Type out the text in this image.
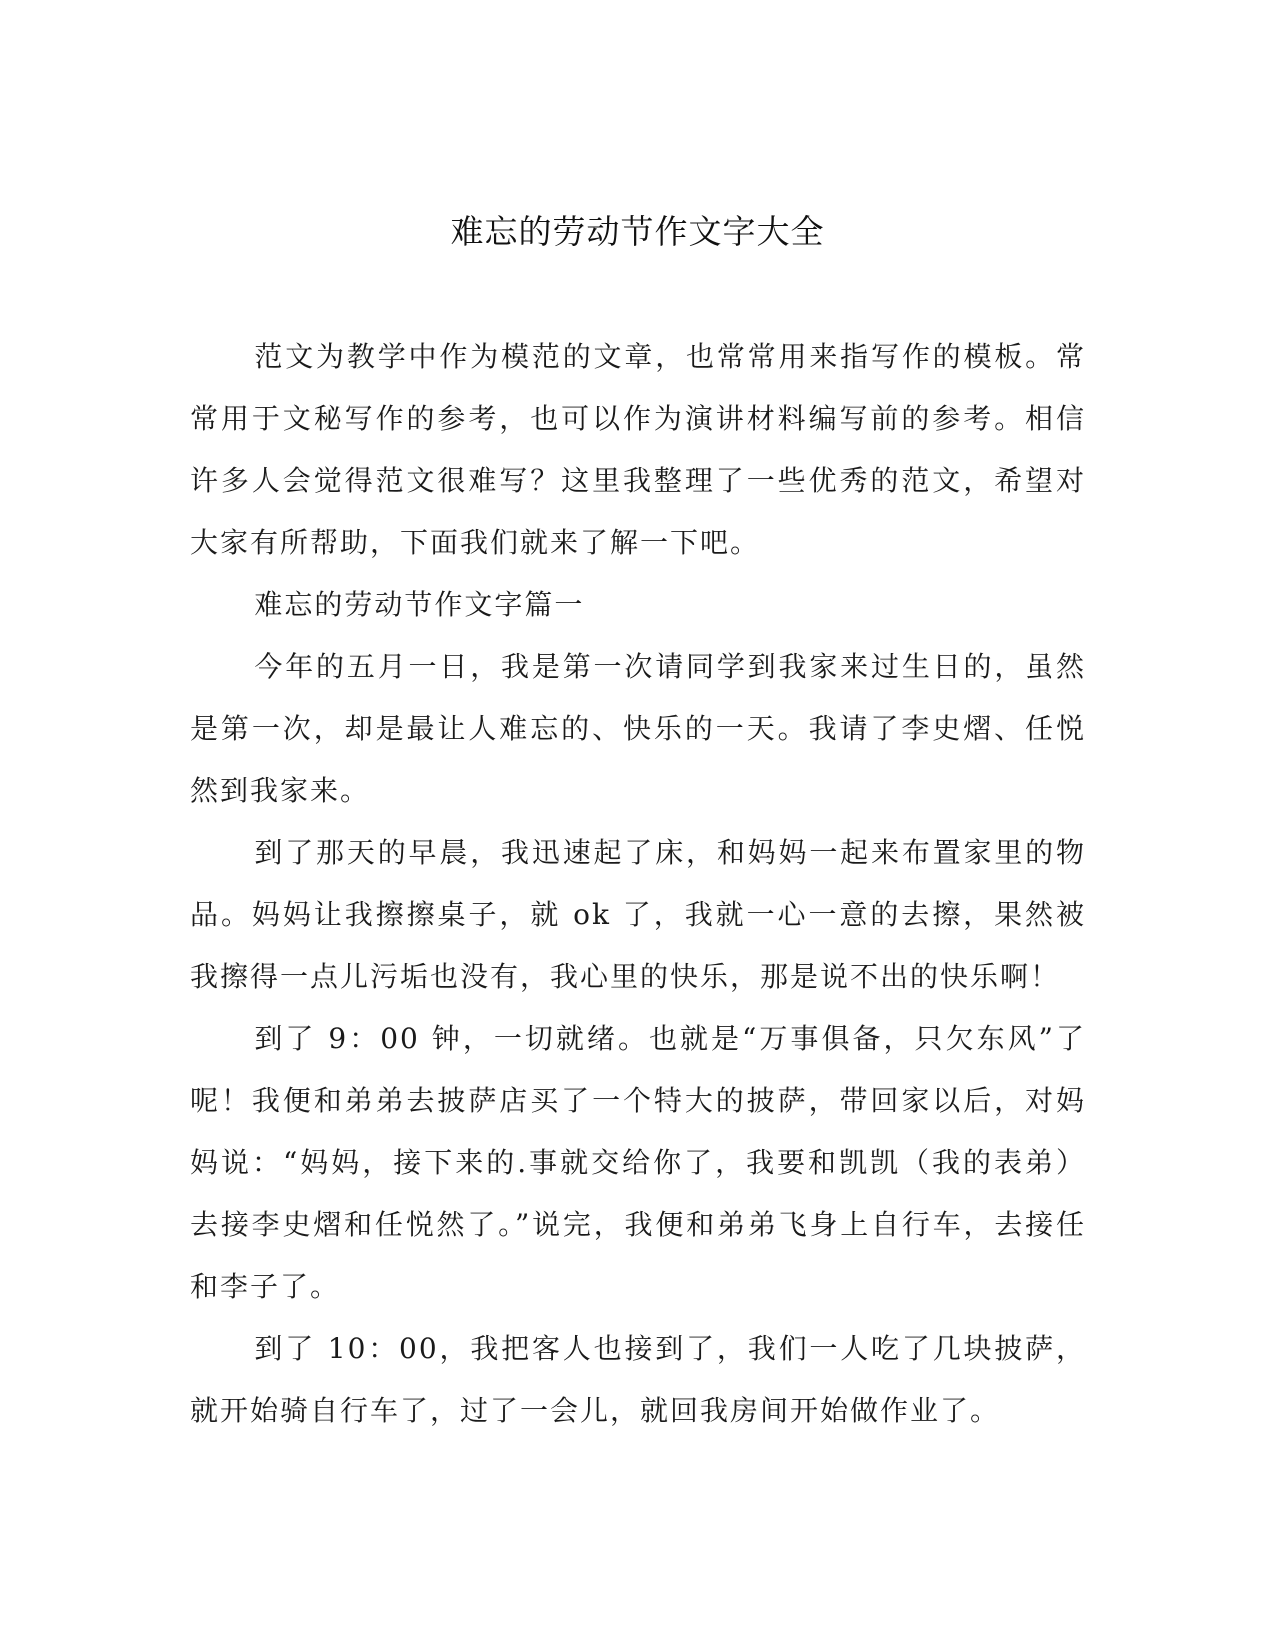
难忘的劳动节作文字大全

范文为教学中作为模范的文章，也常常用来指写作的模板。常常用于文秘写作的参考，也可以作为演讲材料编写前的参考。相信许多人会觉得范文很难写？这里我整理了一些优秀的范文，希望对大家有所帮助，下面我们就来了解一下吧。

难忘的劳动节作文字篇一

今年的五月一日，我是第一次请同学到我家来过生日的，虽然是第一次，却是最让人难忘的、快乐的一天。我请了李史熠、任悦然到我家来。

到了那天的早晨，我迅速起了床，和妈妈一起来布置家里的物品。妈妈让我擦擦桌子，就 ok 了，我就一心一意的去擦，果然被我擦得一点儿污垢也没有，我心里的快乐，那是说不出的快乐啊！

到了 9：00 钟，一切就绪。也就是“万事俱备，只欠东风”了呢！我便和弟弟去披萨店买了一个特大的披萨，带回家以后，对妈妈说：“妈妈，接下来的.事就交给你了，我要和凯凯（我的表弟）去接李史熠和任悦然了。”说完，我便和弟弟飞身上自行车，去接任和李子了。

到了 10：00，我把客人也接到了，我们一人吃了几块披萨，就开始骑自行车了，过了一会儿，就回我房间开始做作业了。
